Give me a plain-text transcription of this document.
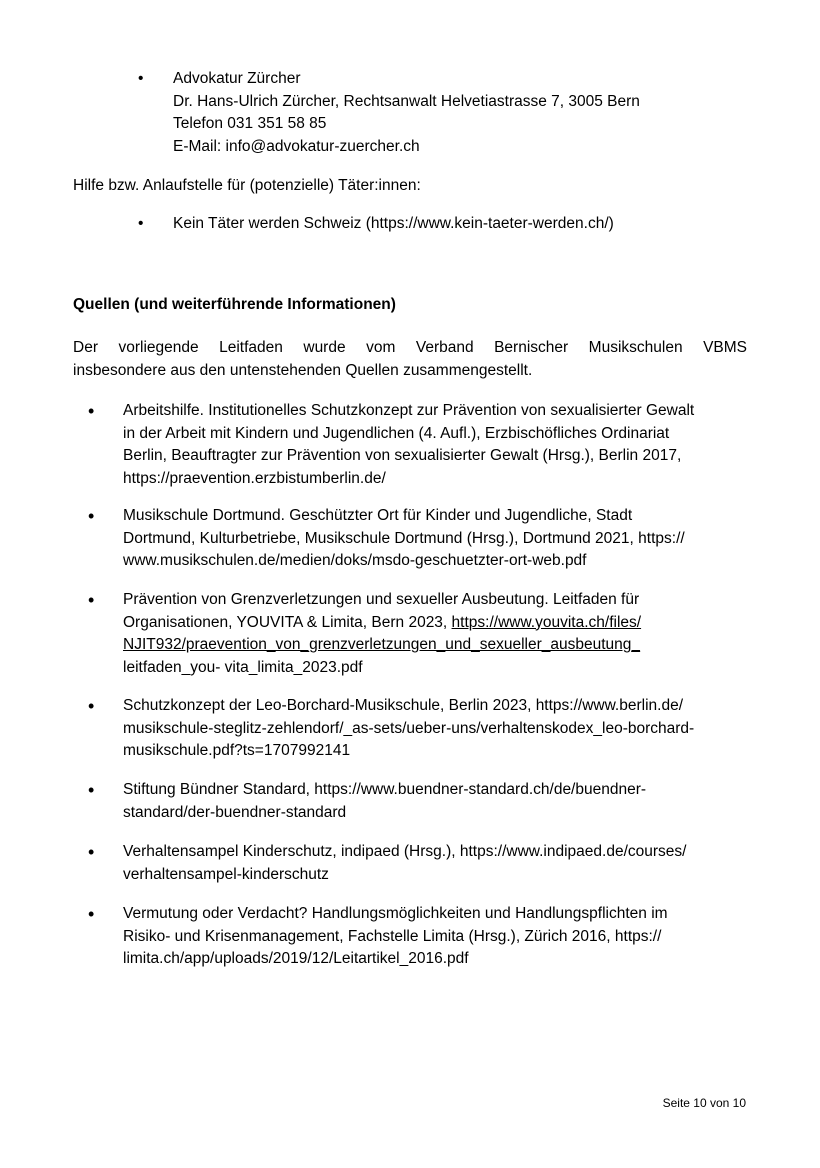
• Advokatur Zürcher
Dr. Hans-Ulrich Zürcher, Rechtsanwalt Helvetiastrasse 7, 3005 Bern
Telefon 031 351 58 85
E-Mail: info@advokatur-zuercher.ch
Hilfe bzw. Anlaufstelle für (potenzielle) Täter:innen:
• Kein Täter werden Schweiz (https://www.kein-taeter-werden.ch/)
Quellen (und weiterführende Informationen)
Der vorliegende Leitfaden wurde vom Verband Bernischer Musikschulen VBMS
insbesondere aus den untenstehenden Quellen zusammengestellt.
• Arbeitshilfe. Institutionelles Schutzkonzept zur Prävention von sexualisierter Gewalt
in der Arbeit mit Kindern und Jugendlichen (4. Aufl.), Erzbischöfliches Ordinariat
Berlin, Beauftragter zur Prävention von sexualisierter Gewalt (Hrsg.), Berlin 2017,
https://praevention.erzbistumberlin.de/
• Musikschule Dortmund. Geschützter Ort für Kinder und Jugendliche, Stadt
Dortmund, Kulturbetriebe, Musikschule Dortmund (Hrsg.), Dortmund 2021, https://
www.musikschulen.de/medien/doks/msdo-geschuetzter-ort-web.pdf
• Prävention von Grenzverletzungen und sexueller Ausbeutung. Leitfaden für
Organisationen, YOUVITA & Limita, Bern 2023, https://www.youvita.ch/files/
NJIT932/praevention_von_grenzverletzungen_und_sexueller_ausbeutung_
leitfaden_you- vita_limita_2023.pdf
• Schutzkonzept der Leo-Borchard-Musikschule, Berlin 2023, https://www.berlin.de/
musikschule-steglitz-zehlendorf/_as-sets/ueber-uns/verhaltenskodex_leo-borchard-
musikschule.pdf?ts=1707992141
• Stiftung Bündner Standard, https://www.buendner-standard.ch/de/buendner-
standard/der-buendner-standard
• Verhaltensampel Kinderschutz, indipaed (Hrsg.), https://www.indipaed.de/courses/
verhaltensampel-kinderschutz
• Vermutung oder Verdacht? Handlungsmöglichkeiten und Handlungspflichten im
Risiko- und Krisenmanagement, Fachstelle Limita (Hrsg.), Zürich 2016, https://
limita.ch/app/uploads/2019/12/Leitartikel_2016.pdf
Seite 10 von 10
